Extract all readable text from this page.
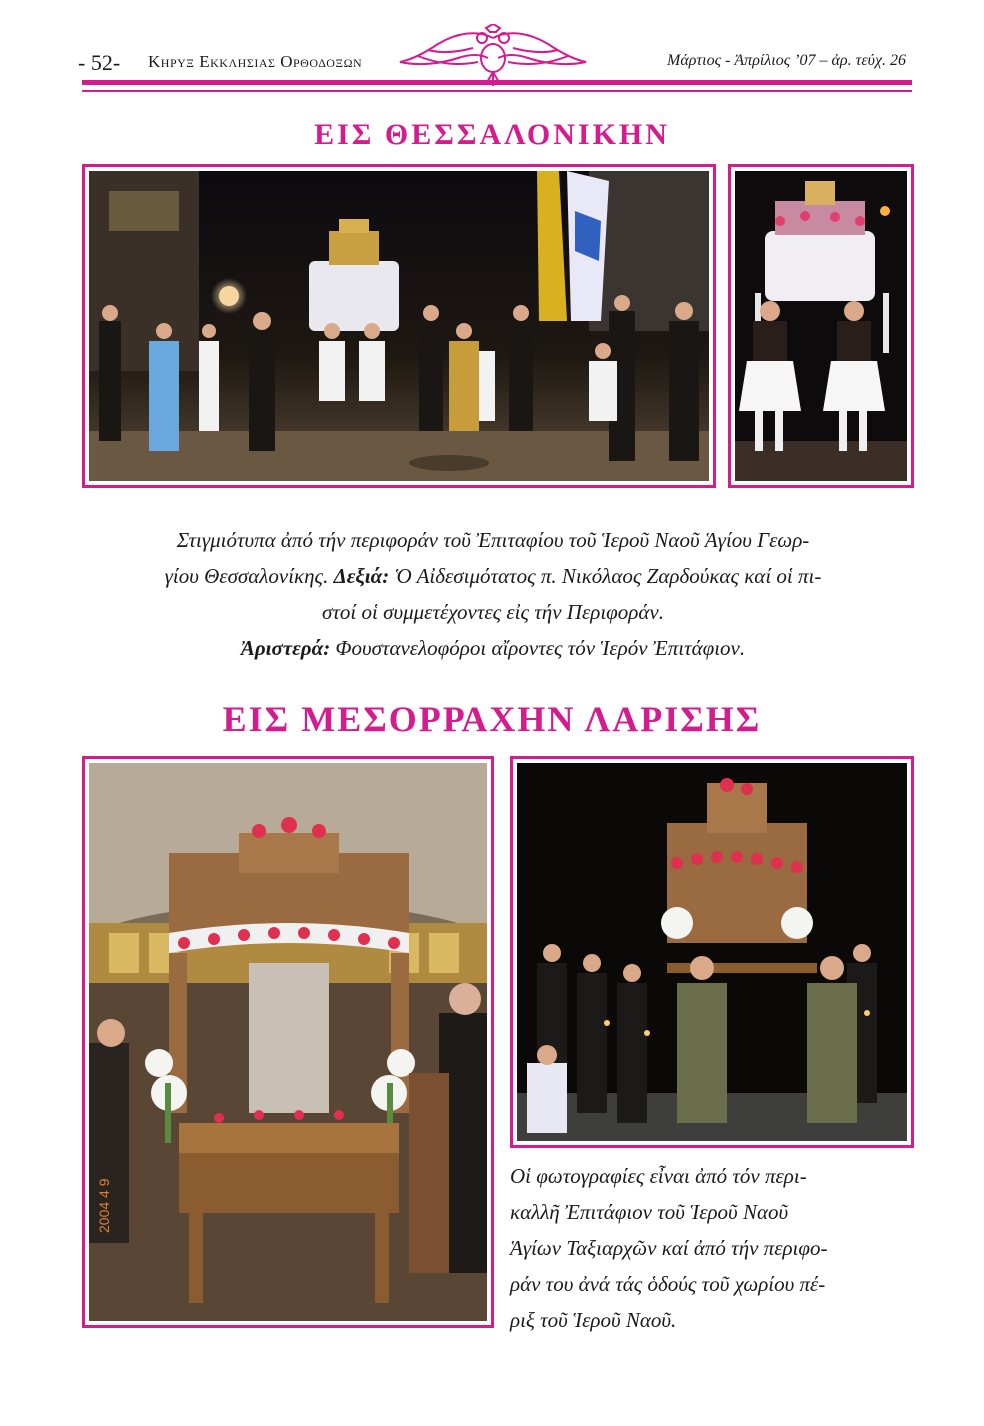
- 52- Κηρυξ Εκκλησιας Ορθοδοξων	Μάρτιος - Ἀπρίλιος ’07 – ἀρ. τεύχ. 26
ΕΙΣ ΘΕΣΣΑΛΟΝΙΚΗΝ
Στιγμιότυπα ἀπό τήν περιφοράν τοῦ Ἐπιταφίου τοῦ Ἱεροῦ Ναοῦ Ἁγίου Γεωρ-
γίου Θεσσαλονίκης. Δεξιά: Ὁ Αἰδεσιμότατος π. Νικόλαος Ζαρδούκας καί οἱ πι-
στοί οἱ συμμετέχοντες εἰς τήν Περιφοράν.
Ἀριστερά: Φουστανελοφόροι αἴροντες τόν Ἱερόν Ἐπιτάφιον.
ΕΙΣ ΜΕΣΟΡΡΑΧΗΝ ΛΑΡΙΣΗΣ
2004 4 9
Οἱ φωτογραφίες εἶναι ἀπό τόν περι-
καλλῆ Ἐπιτάφιον τοῦ Ἱεροῦ Ναοῦ
Ἁγίων Ταξιαρχῶν καί ἀπό τήν περιφο-
ράν του ἀνά τάς ὁδούς τοῦ χωρίου πέ-
ριξ τοῦ Ἱεροῦ Ναοῦ.
